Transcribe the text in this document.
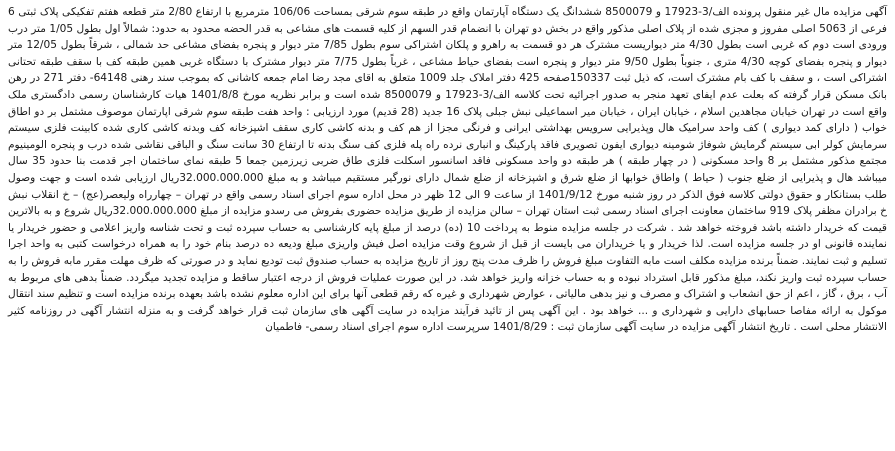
آگهی مزایده مال غیر منقول پرونده الف/3-17923 و 8500079 ششدانگ یک دستگاه آپارتمان واقع در طبقه سوم شرقی بمساحت 106/06 مترمربع با ارتفاع 2/80 متر قطعه هفتم تفکیکی پلاک ثبتی 6 فرعی از 5063 اصلی مفروز و مجزی شده از پلاک اصلی مذکور واقع در بخش دو تهران با انضمام قدر السهم از کلیه قسمت های مشاعی به قدر الحضه محدود به حدود: شمالاً اول بطول 1/05 متر درب ورودی است دوم که غربی است بطول 4/30 متر دیواریست مشترک هر دو قسمت به راهرو و پلکان اشتراکی سوم بطول 7/85 متر دیوار و پنجره بفضای مشاعی حد شمالی ، شرقاً بطول 12/05 متر دیوار و پنجره بفضای کوچه 4/30 متری ، جنوباً بطول 9/50 متر دیوار و پنجره است بفضای حیاط مشاعی ، غرباً بطول 7/75 متر دیوار مشترک با دستگاه غربی همین طبقه کف با سقف طبقه تحتانی اشتراکی است ، و سقف با کف بام مشترک است، که ذیل ثبت 150337صفحه 425 دفتر املاک جلد 1009 متعلق به اقای مجد رضا امام جمعه کاشانی که بموجب سند رهنی 64148- دفتر 271 در رهن بانک مسکن قرار گرفته که بعلت عدم ایفای تعهد منجر به صدور اجرائیه تحت کلاسه الف/3-17923 و 8500079 شده است و برابر نظریه مورخ 1401/8/8 هیات کارشناسان رسمی دادگستری ملک واقع است در تهران خیابان مجاهدین اسلام ، خیابان ایران ، خیابان میر اسماعیلی نبش جبلی پلاک 16 جدید (28 قدیم) مورد ارزیابی : واحد هفت طبقه سوم شرقی اپارتمان موصوف مشتمل بر دو اطاق خواب ( دارای کمد دیواری ) کف واحد سرامیک هال وپذیرایی سرویس بهداشتی ایرانی و فرنگی مجزا از هم کف و بدنه کاشی کاری سقف اشپزخانه کف وبدنه کاشی کاری شده کابینت فلزی سیستم سرمایش کولر ابی سیستم گرمایش شوفاژ شومینه دیواری ایفون تصویری فاقد پارکینگ و انباری نرده راه پله فلزی کف سنگ بدنه تا ارتفاع 30 سانت سنگ و الباقی نقاشی شده درب و پنجره الومینیوم مجتمع مذکور مشتمل بر 8 واحد مسکونی ( در چهار طبقه ) هر طبقه دو واحد مسکونی فاقد اسانسور اسکلت فلزی طاق ضربی زیرزمین جمعا 5 طبقه نمای ساختمان اجر قدمت بنا حدود 35 سال میباشد هال و پذیرایی از ضلع جنوب ( حیاط ) واطاق خوابها از ضلع شرق و اشپزخانه از ضلع شمال دارای نورگیر مستقیم میباشد و به مبلغ 32.000.000.000ریال ارزیابی شده است و جهت وصول طلب بستانکار و حقوق دولتی کلاسه فوق الذکر در روز شنبه مورخ 1401/9/12 از ساعت 9 الی 12 ظهر در محل اداره سوم اجرای اسناد رسمی واقع در تهران – چهارراه ولیعصر(عج) – خ انقلاب نبش خ برادران مظفر پلاک 919 ساختمان معاونت اجرای اسناد رسمی ثبت استان تهران – سالن مزایده از طریق مزایده حضوری بفروش می رسدو مزایده از مبلغ 32.000.000.000ریال شروع و به بالاترین قیمت که خریدار داشته باشد فروخته خواهد شد . شرکت در جلسه مزایده منوط به پرداخت 10 (ده) درصد از مبلغ پایه کارشناسی به حساب سپرده ثبت و تحت شناسه واریز اعلامی و حضور خریدار یا نماینده قانونی او در جلسه مزایده است. لذا خریدار و یا خریداران می بایست از قبل از شروع وقت مزایده اصل فیش واریزی مبلغ ودیعه ده درصد بنام خود را به همراه درخواست کتبی به واحد اجرا تسلیم و ثبت نمایند. ضمناً برنده مزایده مکلف است مابه التفاوت مبلغ فروش را ظرف مدت پنج روز از تاریخ مزایده به حساب صندوق ثبت تودیع نماید و در صورتی که ظرف مهلت مقرر مابه فروش را به حساب سپرده ثبت واریز نکند، مبلغ مذکور قابل استرداد نبوده و به حساب خزانه واریز خواهد شد. در این صورت عملیات فروش از درجه اعتبار ساقط و مزایده تجدید میگردد. ضمناً بدهی های مربوط به آب ، برق ، گاز ، اعم از حق انشعاب و اشتراک و مصرف و نیز بدهی مالیاتی ، عوارض شهرداری و غیره که رقم قطعی آنها برای این اداره معلوم نشده باشد بعهده برنده مزایده است و تنظیم سند انتقال موکول به ارائه مفاصا حسابهای دارایی و شهرداری و ... خواهد بود . این آگهی پس از تائید فرآیند مزایده در سایت آگهی های سازمان ثبت قرار خواهد گرفت و به منزله انتشار آگهی در روزنامه کثیر الانتشار محلی است . تاریخ انتشار آگهی مزایده در سایت آگهی سازمان ثبت : 1401/8/29 سرپرست اداره سوم اجرای اسناد رسمی- فاطمیان
